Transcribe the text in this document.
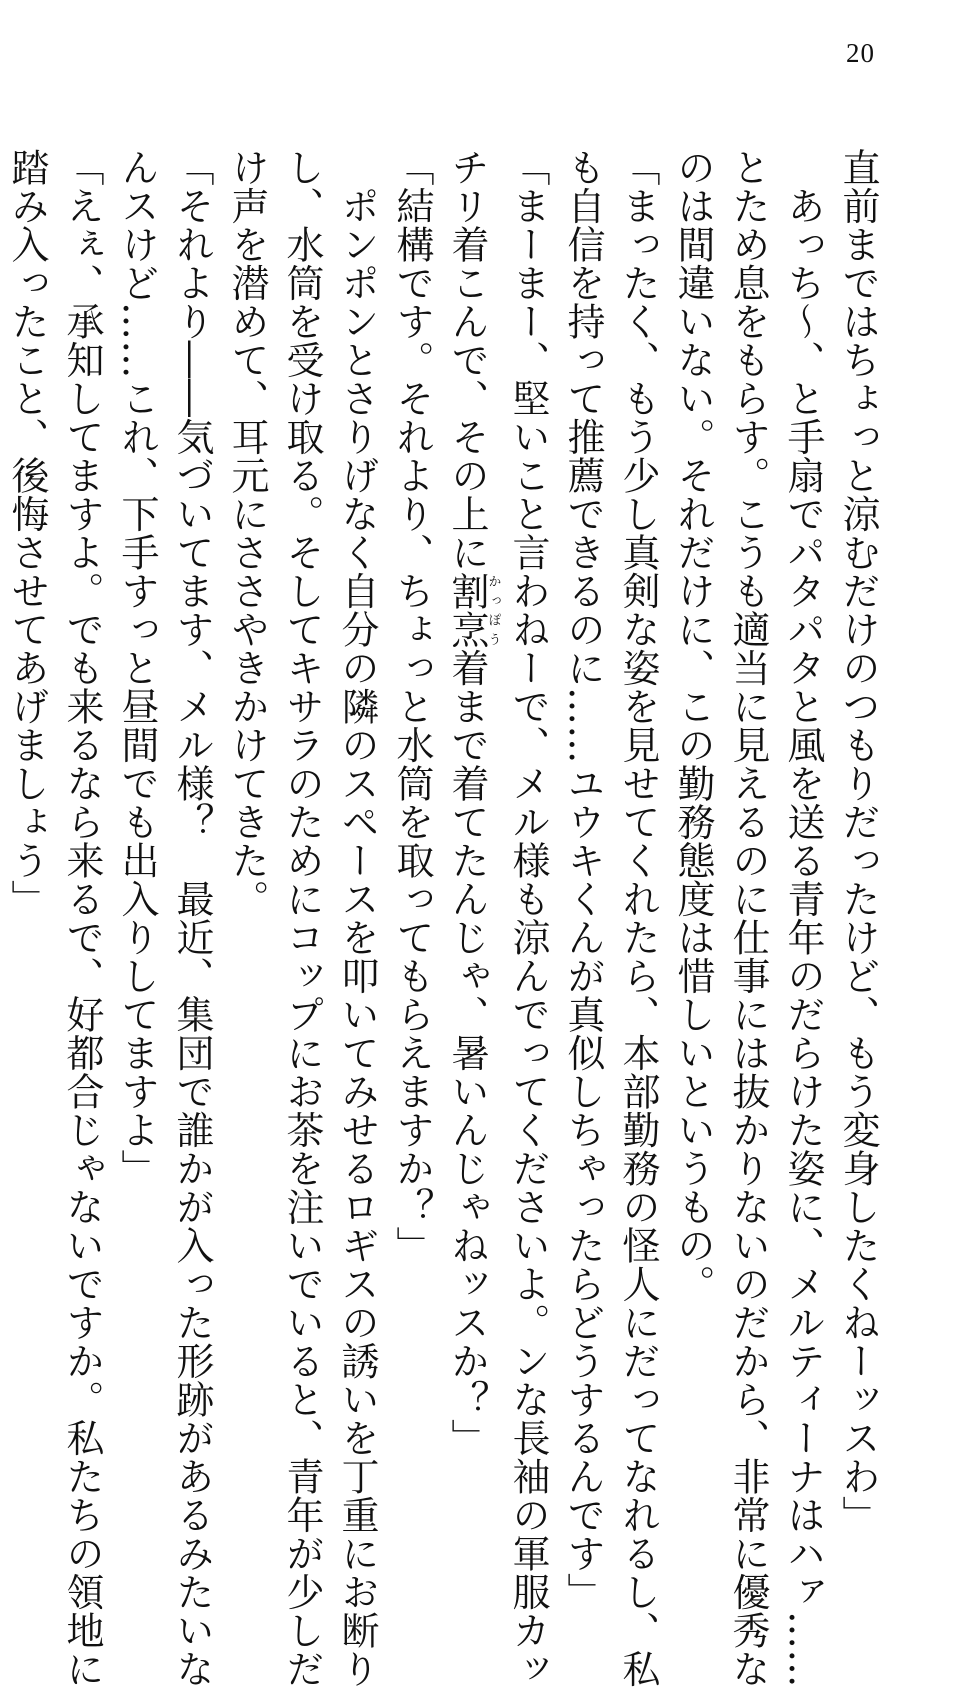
20
直前まではちょっと涼むだけのつもりだったけど、もう変身したくねーッスわ」
　あっち～、と手扇でパタパタと風を送る青年のだらけた姿に、メルティーナはハァ……
とため息をもらす。こうも適当に見えるのに仕事には抜かりないのだから、非常に優秀な
のは間違いない。それだけに、この勤務態度は惜しいというもの。
「まったく、もう少し真剣な姿を見せてくれたら、本部勤務の怪人にだってなれるし、私
も自信を持って推薦できるのに……ユウキくんが真似しちゃったらどうするんです」
「まーまー、堅いこと言わねーで、メル様も涼んでってくださいよ。ンな長袖の軍服カッ
チリ着こんで、その上に割烹かっぽう着まで着てたんじゃ、暑いんじゃねッスか？」
「結構です。それより、ちょっと水筒を取ってもらえますか？」
　ポンポンとさりげなく自分の隣のスペースを叩いてみせるロギスの誘いを丁重にお断り
し、水筒を受け取る。そしてキサラのためにコップにお茶を注いでいると、青年が少しだ
け声を潜めて、耳元にささやきかけてきた。
「それより――気づいてます、メル様？　最近、集団で誰かが入った形跡があるみたいな
んスけど……これ、下手すっと昼間でも出入りしてますよ」
「えぇ、承知してますよ。でも来るなら来るで、好都合じゃないですか。私たちの領地に
踏み入ったこと、後悔させてあげましょう」
